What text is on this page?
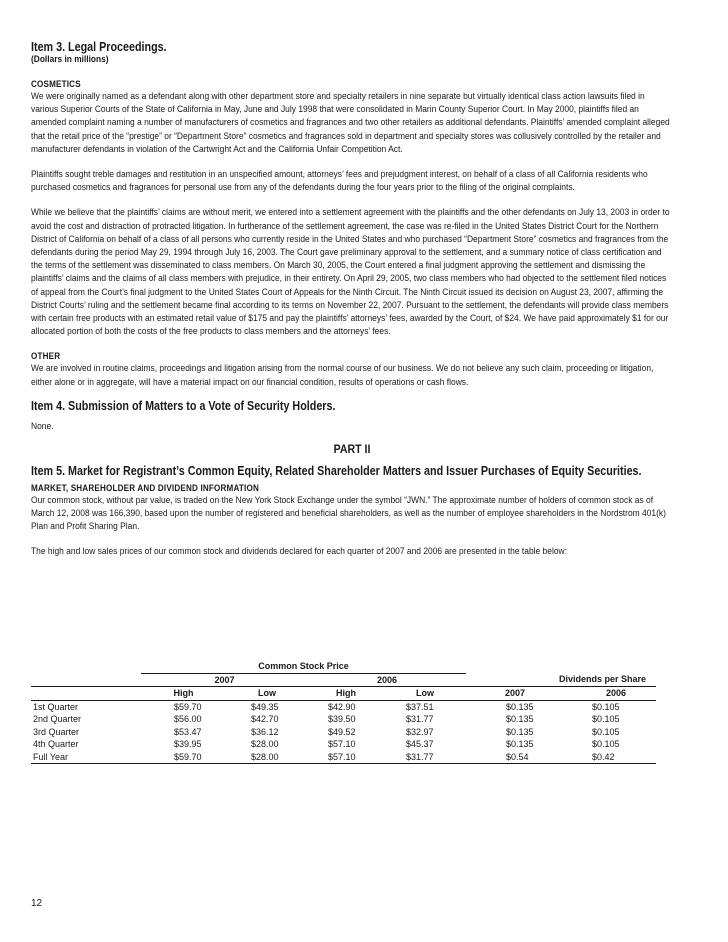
Item 3. Legal Proceedings.

(Dollars in millions)

COSMETICS

We were originally named as a defendant along with other department store and specialty retailers in nine separate but virtually identical class action lawsuits filed in various Superior Courts of the State of California in May, June and July 1998 that were consolidated in Marin County Superior Court. In May 2000, plaintiffs filed an amended complaint naming a number of manufacturers of cosmetics and fragrances and two other retailers as additional defendants. Plaintiffs’ amended complaint alleged that the retail price of the “prestige” or “Department Store” cosmetics and fragrances sold in department and specialty stores was collusively controlled by the retailer and manufacturer defendants in violation of the Cartwright Act and the California Unfair Competition Act.

Plaintiffs sought treble damages and restitution in an unspecified amount, attorneys’ fees and prejudgment interest, on behalf of a class of all California residents who purchased cosmetics and fragrances for personal use from any of the defendants during the four years prior to the filing of the original complaints.

While we believe that the plaintiffs’ claims are without merit, we entered into a settlement agreement with the plaintiffs and the other defendants on July 13, 2003 in order to avoid the cost and distraction of protracted litigation. In furtherance of the settlement agreement, the case was re-filed in the United States District Court for the Northern District of California on behalf of a class of all persons who currently reside in the United States and who purchased “Department Store” cosmetics and fragrances from the defendants during the period May 29, 1994 through July 16, 2003. The Court gave preliminary approval to the settlement, and a summary notice of class certification and the terms of the settlement was disseminated to class members. On March 30, 2005, the Court entered a final judgment approving the settlement and dismissing the plaintiffs’ claims and the claims of all class members with prejudice, in their entirety. On April 29, 2005, two class members who had objected to the settlement filed notices of appeal from the Court’s final judgment to the United States Court of Appeals for the Ninth Circuit. The Ninth Circuit issued its decision on August 23, 2007, affirming the District Courts’ ruling and the settlement became final according to its terms on November 22, 2007. Pursuant to the settlement, the defendants will provide class members with certain free products with an estimated retail value of $175 and pay the plaintiffs’ attorneys’ fees, awarded by the Court, of $24. We have paid approximately $1 for our allocated portion of both the costs of the free products to class members and the attorneys’ fees.

OTHER

We are involved in routine claims, proceedings and litigation arising from the normal course of our business. We do not believe any such claim, proceeding or litigation, either alone or in aggregate, will have a material impact on our financial condition, results of operations or cash flows.

Item 4. Submission of Matters to a Vote of Security Holders.

None.

PART II

Item 5. Market for Registrant’s Common Equity, Related Shareholder Matters and Issuer Purchases of Equity Securities.

MARKET, SHAREHOLDER AND DIVIDEND INFORMATION

Our common stock, without par value, is traded on the New York Stock Exchange under the symbol “JWN.” The approximate number of holders of common stock as of March 12, 2008 was 166,390, based upon the number of registered and beneficial shareholders, as well as the number of employee shareholders in the Nordstrom 401(k) Plan and Profit Sharing Plan.

The high and low sales prices of our common stock and dividends declared for each quarter of 2007 and 2006 are presented in the table below:

	Common Stock Price					
	2007		2006		Dividends per Share	
	High	Low	High	Low	2007	2006
1st Quarter	$59.70	$49.35	$42.90	$37.51	$0.135	$0.105
2nd Quarter	$56.00	$42.70	$39.50	$31.77	$0.135	$0.105
3rd Quarter	$53.47	$36.12	$49.52	$32.97	$0.135	$0.105
4th Quarter	$39.95	$28.00	$57.10	$45.37	$0.135	$0.105
Full Year	$59.70	$28.00	$57.10	$31.77	$0.54	$0.42
12
